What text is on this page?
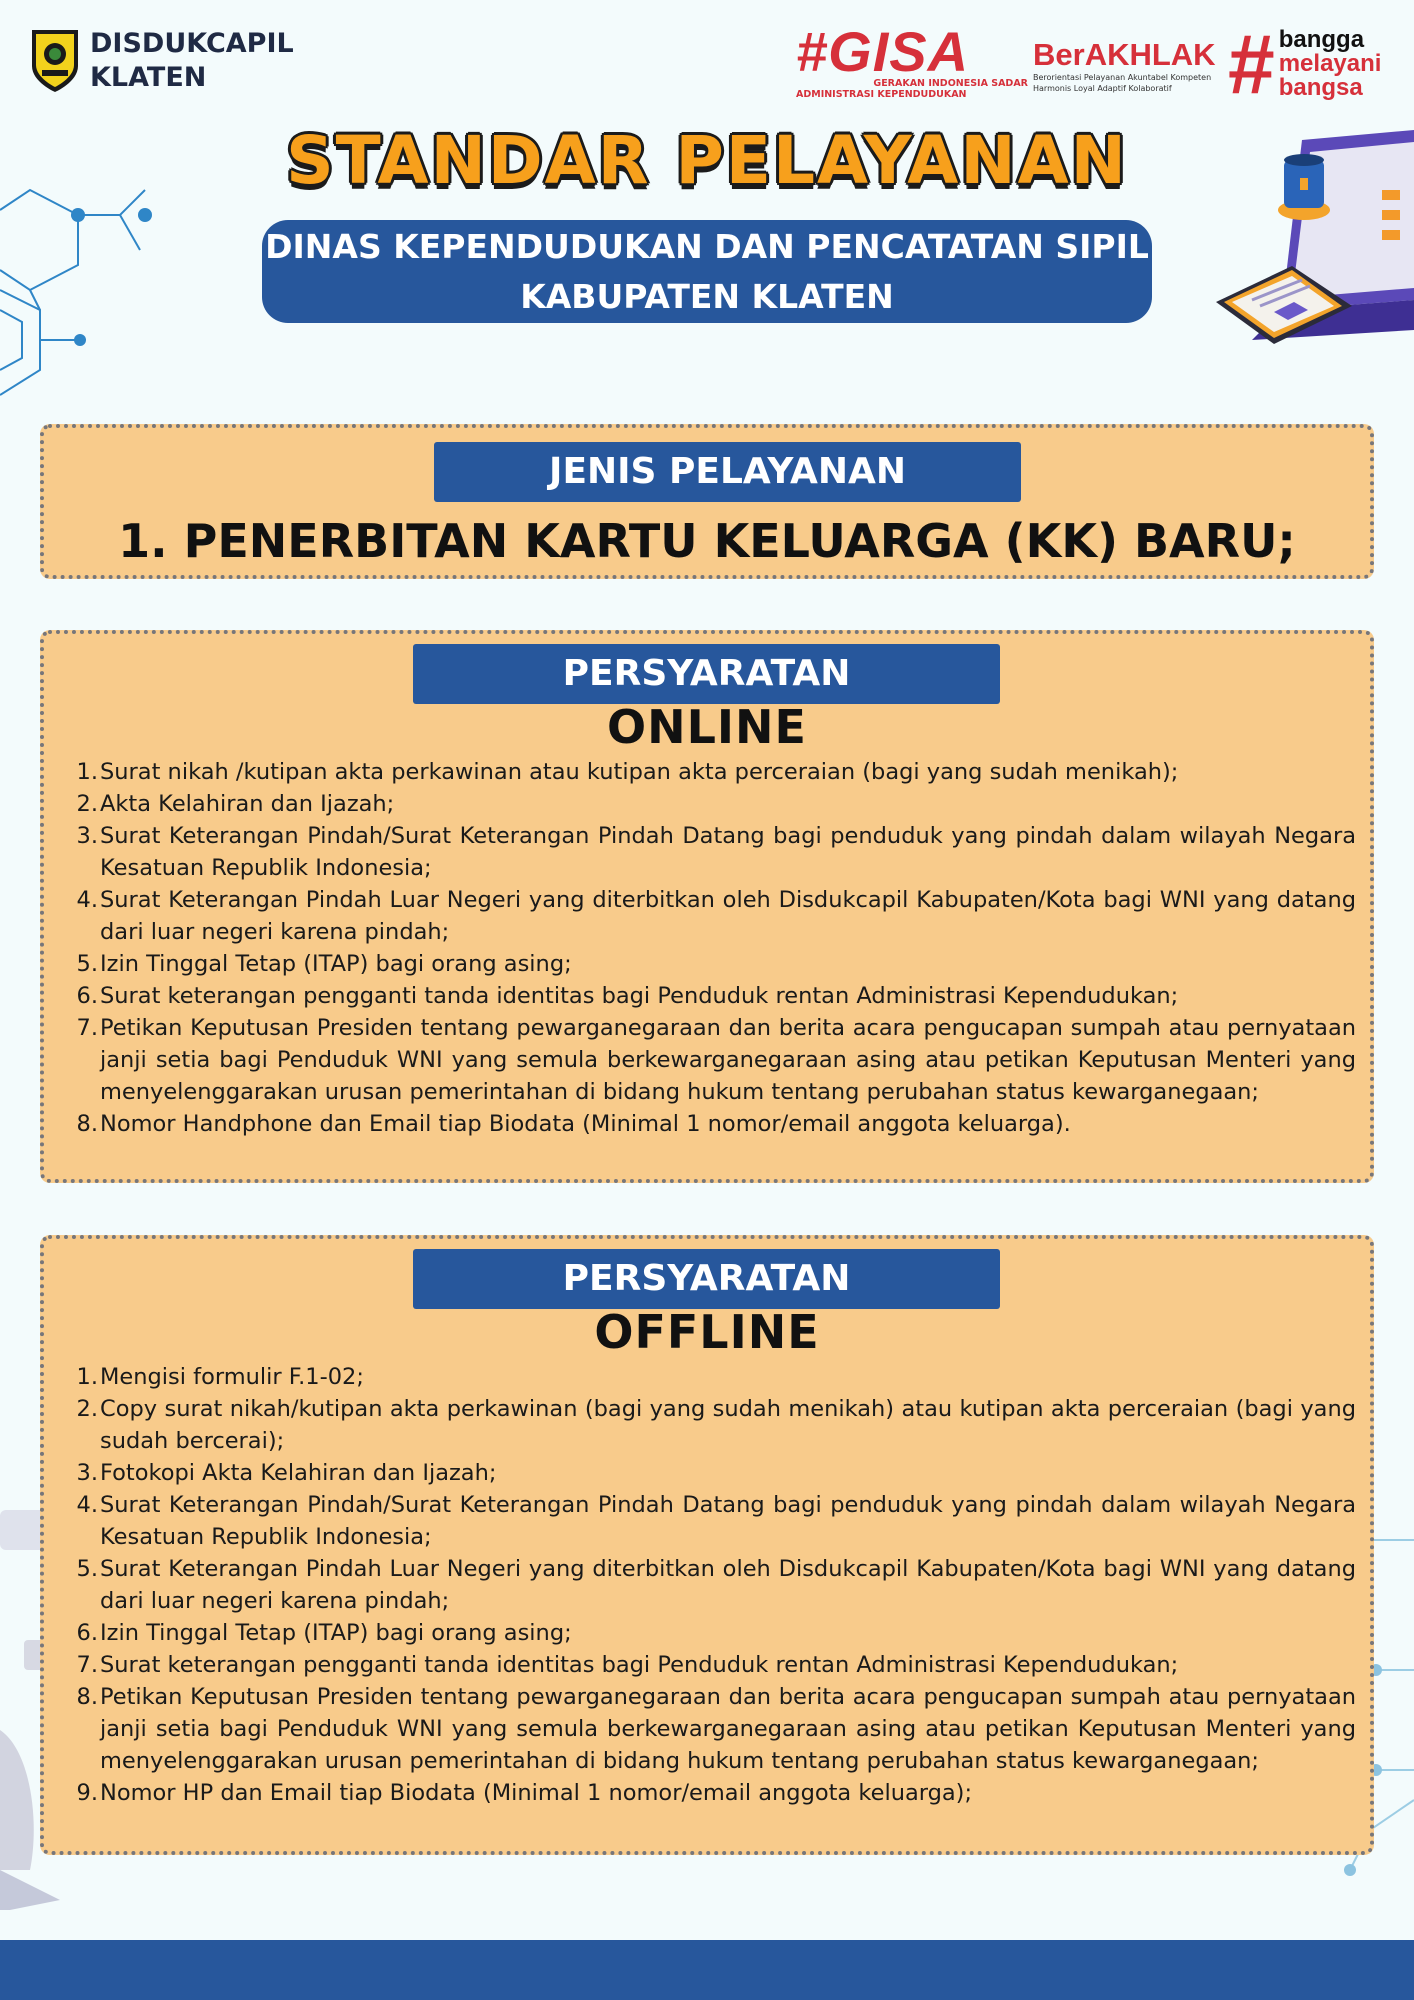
DISDUKCAPIL
KLATEN	#GISA
GERAKAN INDONESIA SADAR
ADMINISTRASI KEPENDUDUKAN
BerAKHLAK
Berorientasi Pelayanan Akuntabel Kompeten
Harmonis Loyal Adaptif Kolaboratif # bangga
melayani
bangsa
STANDAR PELAYANAN
DINAS KEPENDUDUKAN DAN PENCATATAN SIPIL
KABUPATEN KLATEN
JENIS PELAYANAN
1. PENERBITAN KARTU KELUARGA (KK) BARU;
PERSYARATAN
ONLINE
Surat nikah /kutipan akta perkawinan atau kutipan akta perceraian (bagi yang sudah menikah);
Akta Kelahiran dan Ijazah;
Surat Keterangan Pindah/Surat Keterangan Pindah Datang bagi penduduk yang pindah dalam wilayah Negara Kesatuan Republik Indonesia;
Surat Keterangan Pindah Luar Negeri yang diterbitkan oleh Disdukcapil Kabupaten/Kota bagi WNI yang datang dari luar negeri karena pindah;
Izin Tinggal Tetap (ITAP) bagi orang asing;
Surat keterangan pengganti tanda identitas bagi Penduduk rentan Administrasi Kependudukan;
Petikan Keputusan Presiden tentang pewarganegaraan dan berita acara pengucapan sumpah atau pernyataan janji setia bagi Penduduk WNI yang semula berkewarganegaraan asing atau petikan Keputusan Menteri yang menyelenggarakan urusan pemerintahan di bidang hukum tentang perubahan status kewarganegaan;
Nomor Handphone dan Email tiap Biodata (Minimal 1 nomor/email anggota keluarga).
PERSYARATAN
OFFLINE
Mengisi formulir F.1-02;
Copy surat nikah/kutipan akta perkawinan (bagi yang sudah menikah) atau kutipan akta perceraian (bagi yang sudah bercerai);
Fotokopi Akta Kelahiran dan Ijazah;
Surat Keterangan Pindah/Surat Keterangan Pindah Datang bagi penduduk yang pindah dalam wilayah Negara Kesatuan Republik Indonesia;
Surat Keterangan Pindah Luar Negeri yang diterbitkan oleh Disdukcapil Kabupaten/Kota bagi WNI yang datang dari luar negeri karena pindah;
Izin Tinggal Tetap (ITAP) bagi orang asing;
Surat keterangan pengganti tanda identitas bagi Penduduk rentan Administrasi Kependudukan;
Petikan Keputusan Presiden tentang pewarganegaraan dan berita acara pengucapan sumpah atau pernyataan janji setia bagi Penduduk WNI yang semula berkewarganegaraan asing atau petikan Keputusan Menteri yang menyelenggarakan urusan pemerintahan di bidang hukum tentang perubahan status kewarganegaan;
Nomor HP dan Email tiap Biodata (Minimal 1 nomor/email anggota keluarga);
